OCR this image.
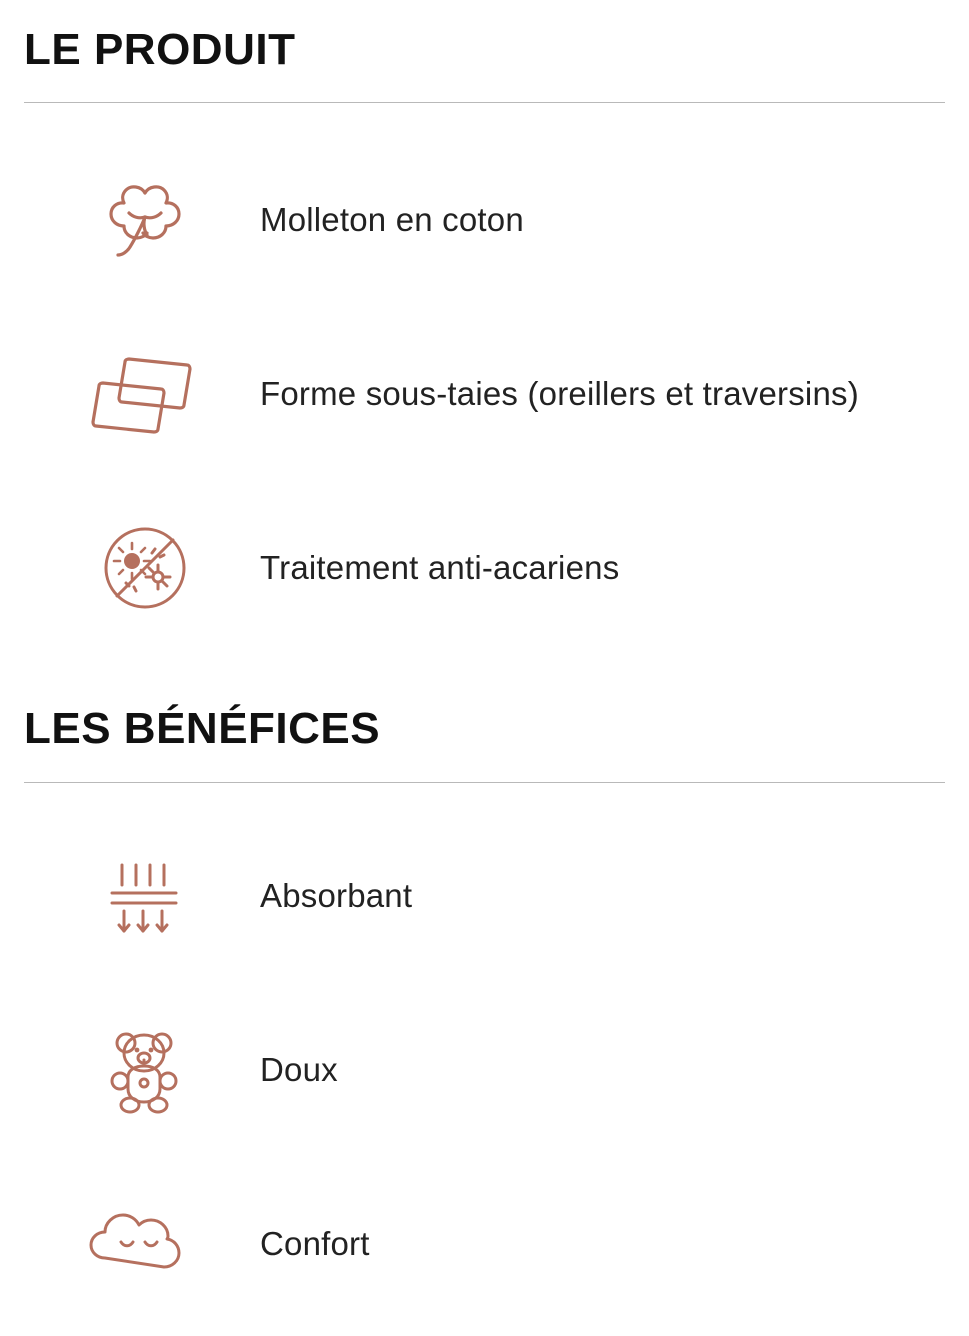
LE PRODUIT
Molleton en coton
Forme sous-taies (oreillers et traversins)
Traitement anti-acariens
LES BÉNÉFICES
Absorbant
Doux
Confort
